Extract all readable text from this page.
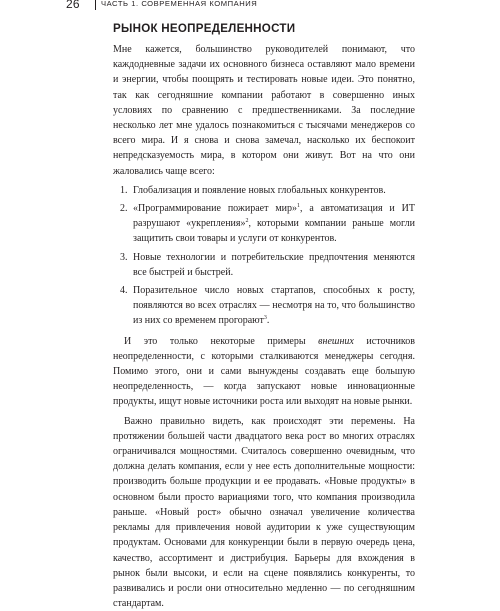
26	ЧАСТЬ 1. СОВРЕМЕННАЯ КОМПАНИЯ
РЫНОК НЕОПРЕДЕЛЕННОСТИ

Мне кажется, большинство руководителей понимают, что каждодневные задачи их основного бизнеса оставляют мало времени и энергии, чтобы поощрять и тестировать новые идеи. Это понятно, так как сегодняшние компании работают в совершенно иных условиях по сравнению с предшественниками. За последние несколько лет мне удалось познакомиться с тысячами менеджеров со всего мира. И я снова и снова замечал, насколько их беспокоит непредсказуемость мира, в котором они живут. Вот на что они жаловались чаще всего:

1. Глобализация и появление новых глобальных конкурентов.
2. «Программирование пожирает мир»$^1$, а автоматизация и ИТ разрушают «укрепления»$^2$, которыми компании раньше могли защитить свои товары и услуги от конкурентов.
3. Новые технологии и потребительские предпочтения меняются все быстрей и быстрей.
4. Поразительное число новых стартапов, способных к росту, появляются во всех отраслях — несмотря на то, что большинство из них со временем прогорают$^3$.

И это только некоторые примеры внешних источников неопределенности, с которыми сталкиваются менеджеры сегодня. Помимо этого, они и сами вынуждены создавать еще большую неопределенность, — когда запускают новые инновационные продукты, ищут новые источники роста или выходят на новые рынки.

Важно правильно видеть, как происходят эти перемены. На протяжении большей части двадцатого века рост во многих отраслях ограничивался мощностями. Считалось совершенно очевидным, что должна делать компания, если у нее есть дополнительные мощности: производить больше продукции и ее продавать. «Новые продукты» в основном были просто вариациями того, что компания производила раньше. «Новый рост» обычно означал увеличение количества рекламы для привлечения новой аудитории к уже существующим продуктам. Основами для конкуренции были в первую очередь цена, качество, ассортимент и дистрибуция. Барьеры для вхождения в рынок были высоки, и если на сцене появлялись конкуренты, то развивались и росли они относительно медленно — по сегодняшним стандартам.
